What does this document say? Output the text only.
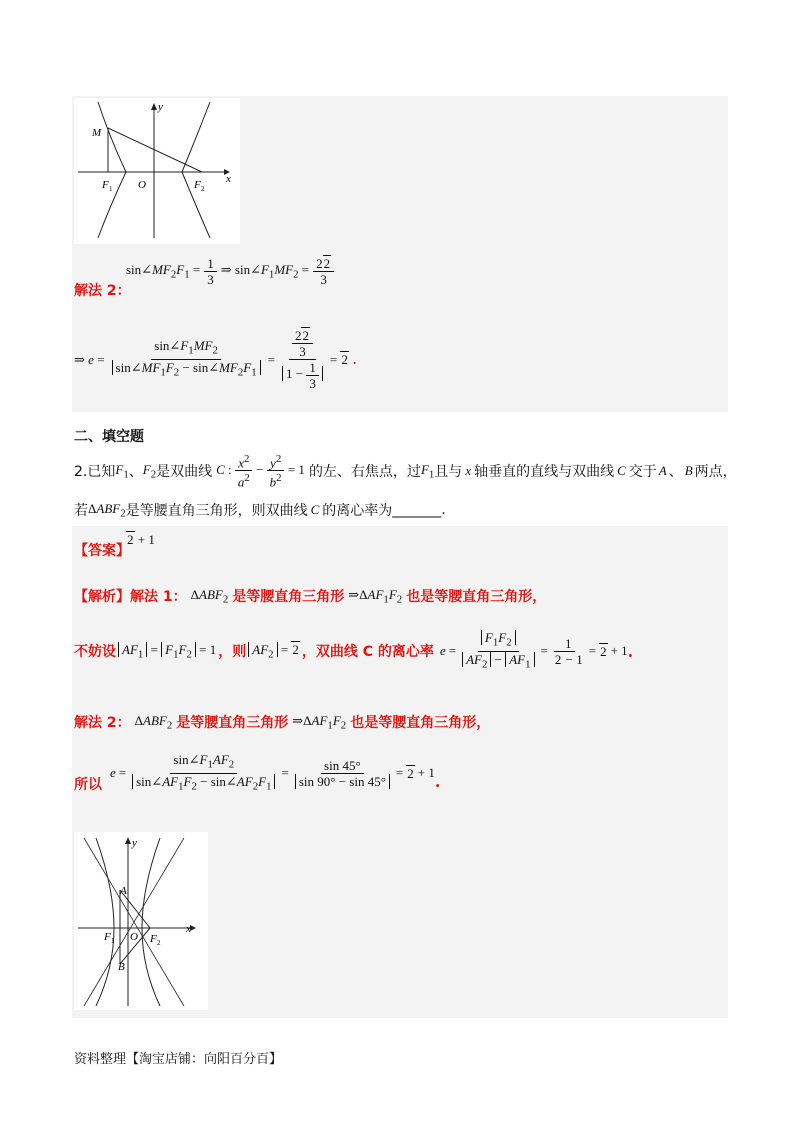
y
x
M
F 1 O	F 2
解法 2：
$\sin\angle MF_2F_1 = \frac{1}{3}$ ⇒ $\sin\angle F_1MF_2 = \frac{22}{3}$
⇒ $e = \frac{\sin\angle F_1MF_2}{\sin\angle MF_1F_2 - \sin\angle MF_2F_1} = \frac{\frac{22}{3}}{1 - \frac{1}{3}} = 2$ .
二、填空题
2.已知 $F_1$ 、 $F_2$ 是双曲线 C : $\frac{x^2}{a^2} - \frac{y^2}{b^2} = 1$ 的左、右焦点，过 $F_1$ 且与 x 轴垂直的直线与双曲线 C 交于 A 、 B 两点，
若 $\Delta ABF_2$ 是等腰直角三角形，则双曲线 C 的离心率为 _______ .
【答案】
2 + 1
【解析】解法 1： $\Delta ABF_2$ 是等腰直角三角形 $\Rightarrow\Delta AF_1F_2$ 也是等腰直角三角形，
不妨设 $AF_1 = F_1F_2 = 1$ ，则 $AF_2 = 2$ ，双曲线 C 的离心率 $e = \frac{F_1F_2}{AF_2 - AF_1} = \frac{1}{2 - 1} = 2 + 1$ .
解法 2： $\Delta ABF_2$ 是等腰直角三角形 $\Rightarrow\Delta AF_1F_2$ 也是等腰直角三角形，
所以
$e = \frac{\sin\angle F_1AF_2}{\sin\angle AF_1F_2 - \sin\angle AF_2F_1} = \frac{\sin 45^\circ}{\sin 90^\circ - \sin 45^\circ} = 2 + 1$ .
y
x
A
B
F 1 O F 2
资料整理【淘宝店铺：向阳百分百】
